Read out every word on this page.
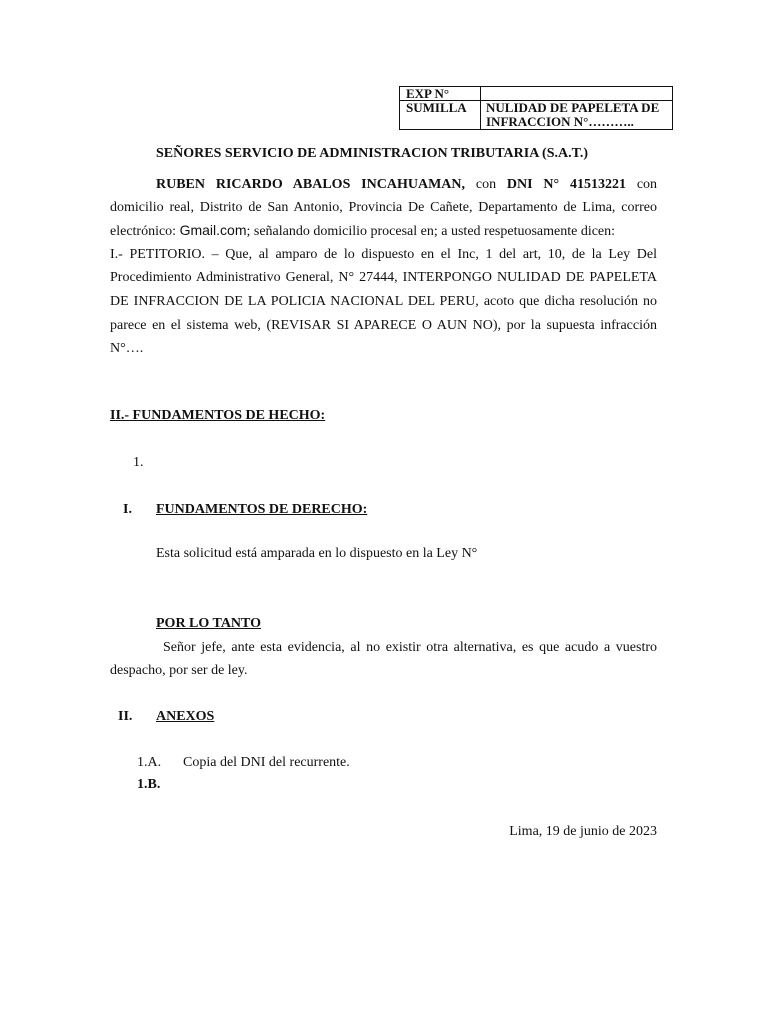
EXP N°
SUMILLA NULIDAD DE PAPELETA DE
INFRACCION N°………..
SEÑORES SERVICIO DE ADMINISTRACION TRIBUTARIA (S.A.T.)
RUBEN RICARDO ABALOS INCAHUAMAN, con DNI N° 41513221 con
domicilio real, Distrito de San Antonio, Provincia De Cañete, Departamento de Lima, correo
electrónico: Gmail.com; señalando domicilio procesal en; a usted respetuosamente dicen:
I.- PETITORIO. – Que, al amparo de lo dispuesto en el Inc, 1 del art, 10, de la Ley Del
Procedimiento Administrativo General, N° 27444, INTERPONGO NULIDAD DE PAPELETA
DE INFRACCION DE LA POLICIA NACIONAL DEL PERU, acoto que dicha resolución no
parece en el sistema web, (REVISAR SI APARECE O AUN NO), por la supuesta infracción
N°….
II.- FUNDAMENTOS DE HECHO:
1.
I. FUNDAMENTOS DE DERECHO:
Esta solicitud está amparada en lo dispuesto en la Ley N°
POR LO TANTO
Señor jefe, ante esta evidencia, al no existir otra alternativa, es que acudo a vuestro
despacho, por ser de ley.
II. ANEXOS
1.A. Copia del DNI del recurrente.
1.B.
Lima, 19 de junio de 2023
